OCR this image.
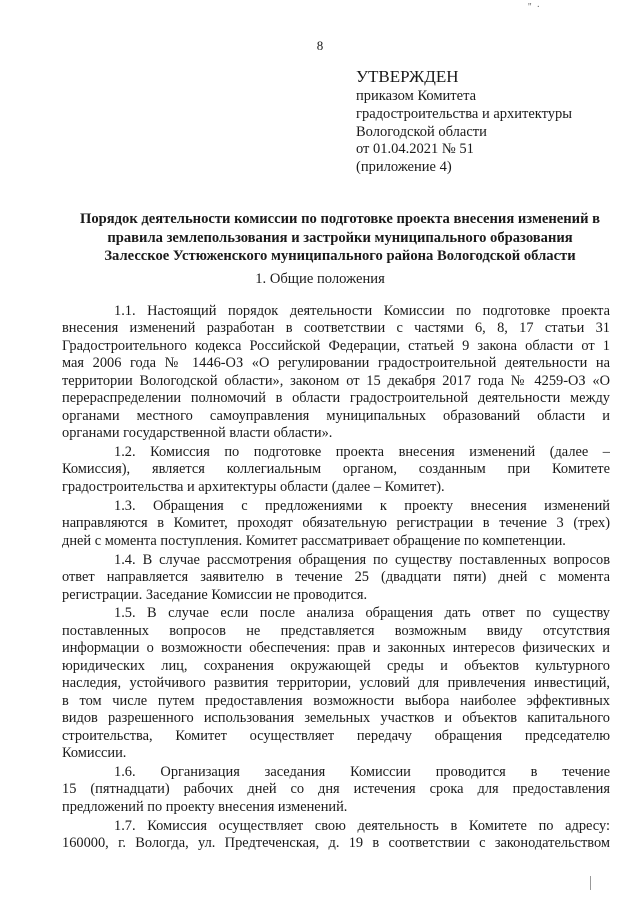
''  ·
8
УТВЕРЖДЕН
приказом Комитета
градостроительства и архитектуры
Вологодской области
от 01.04.2021 № 51
(приложение 4)
Порядок деятельности комиссии по подготовке проекта внесения изменений в
правила землепользования и застройки муниципального образования
Залесское Устюженского муниципального района Вологодской области
1. Общие положения
1.1. Настоящий порядок деятельности Комиссии по подготовке проекта
внесения изменений разработан в соответствии с частями 6, 8, 17 статьи 31
Градостроительного кодекса Российской Федерации, статьей 9 закона области от 1
мая 2006 года № 1446-ОЗ «О регулировании градостроительной деятельности на
территории Вологодской области», законом от 15 декабря 2017 года № 4259-ОЗ «О
перераспределении полномочий в области градостроительной деятельности между
органами местного самоуправления муниципальных образований области и
органами государственной власти области».
1.2. Комиссия по подготовке проекта внесения изменений (далее –
Комиссия), является коллегиальным органом, созданным при Комитете
градостроительства и архитектуры области (далее – Комитет).
1.3. Обращения с предложениями к проекту внесения изменений
направляются в Комитет, проходят обязательную регистрации в течение 3 (трех)
дней с момента поступления. Комитет рассматривает обращение по компетенции.
1.4. В случае рассмотрения обращения по существу поставленных вопросов
ответ направляется заявителю в течение 25 (двадцати пяти) дней с момента
регистрации. Заседание Комиссии не проводится.
1.5. В случае если после анализа обращения дать ответ по существу
поставленных вопросов не представляется возможным ввиду отсутствия
информации о возможности обеспечения: прав и законных интересов физических и
юридических лиц, сохранения окружающей среды и объектов культурного
наследия, устойчивого развития территории, условий для привлечения инвестиций,
в том числе путем предоставления возможности выбора наиболее эффективных
видов разрешенного использования земельных участков и объектов капитального
строительства, Комитет осуществляет передачу обращения председателю
Комиссии.
1.6. Организация заседания Комиссии проводится в течение
15 (пятнадцати) рабочих дней со дня истечения срока для предоставления
предложений по проекту внесения изменений.
1.7. Комиссия осуществляет свою деятельность в Комитете по адресу:
160000, г. Вологда, ул. Предтеченская, д. 19 в соответствии с законодательством
